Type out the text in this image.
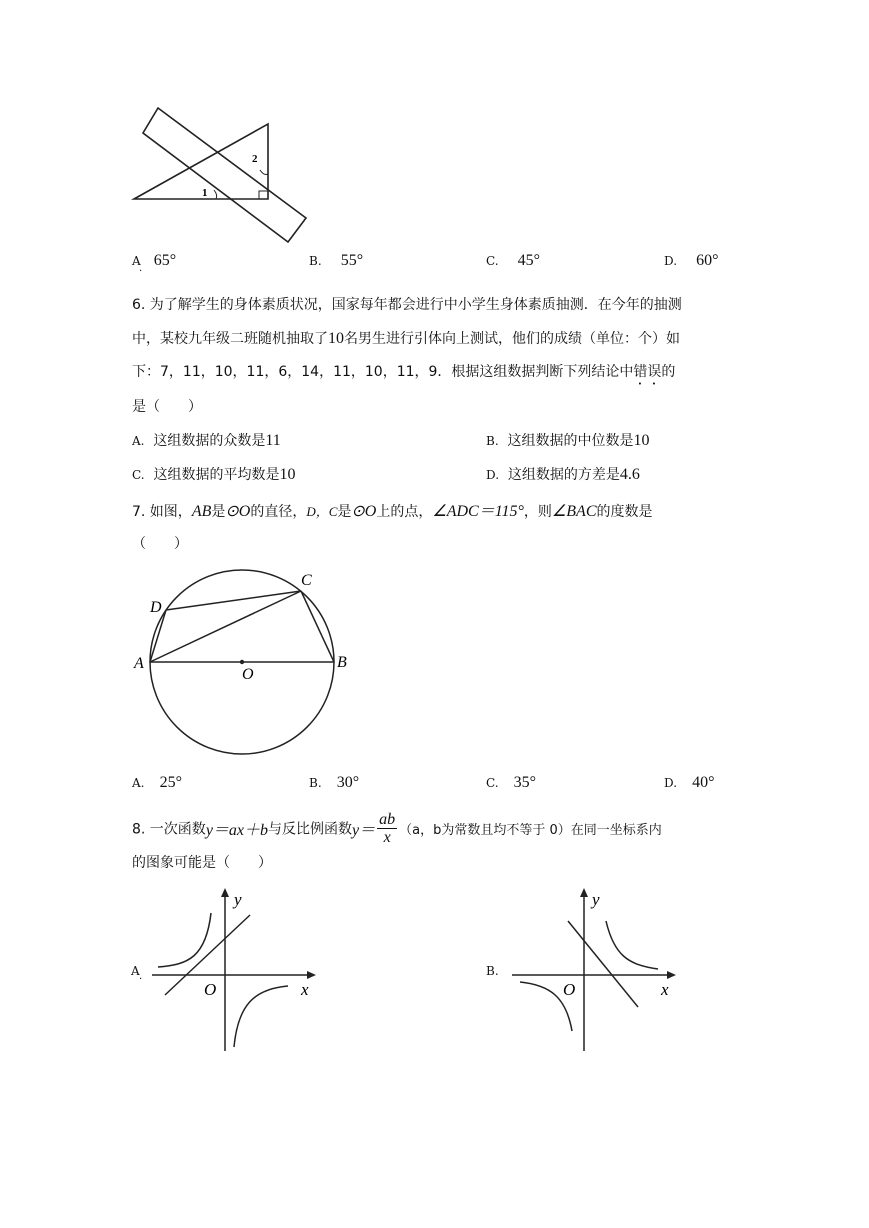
1
2
A 65°
·
B. 55°	C. 45°	D. 60°
6. 为了解学生的身体素质状况，国家每年都会进行中小学生身体素质抽测．在今年的抽测
中，某校九年级二班随机抽取了10名男生进行引体向上测试，他们的成绩（单位：个）如
下：7，11，10，11，6，14，11，10，11，9．根据这组数据判断下列结论中错误的
是（　　）
A. 这组数据的众数是11	B. 这组数据的中位数是10
C. 这组数据的平均数是10	D. 这组数据的方差是4.6
7. 如图，AB是⊙O的直径，D，C是⊙O上的点，∠ADC＝115°，则∠BAC的度数是
（　　）
A	B
C
D
O
A. 25°	B. 30°	C. 35°	D. 40°
8. 一次函数y＝ax＋b与反比例函数$y= \frac{ab}{x} (a$，b为常数且均不等于 0）在同一坐标系内
的图象可能是（　　）
A
·
y
x
O
B.
y
x
O
